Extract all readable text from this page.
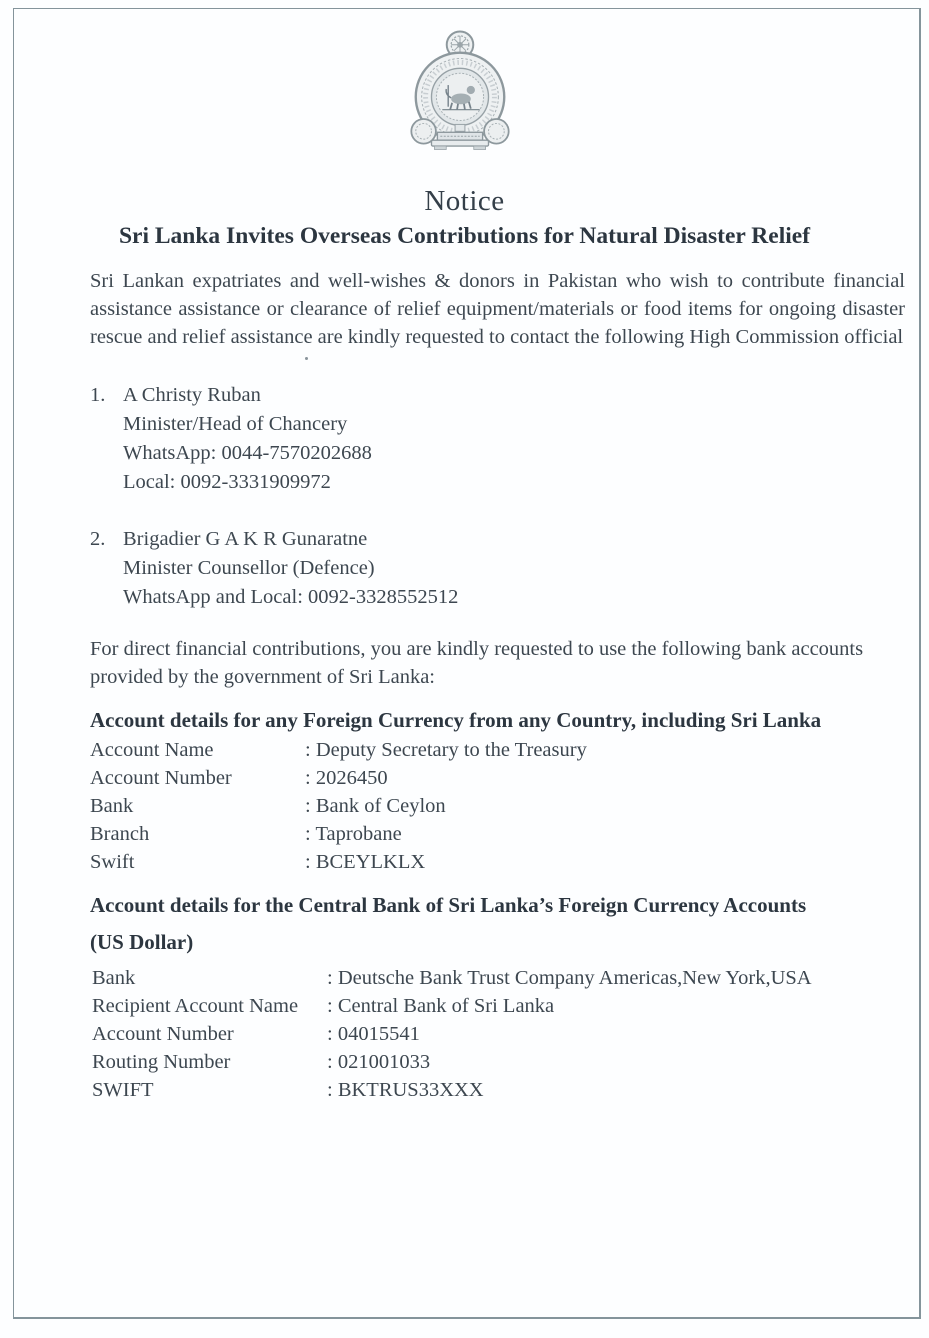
Notice
Sri Lanka Invites Overseas Contributions for Natural Disaster Relief

Sri Lankan expatriates and well-wishes & donors in Pakistan who wish to contribute financial assistance assistance or clearance of relief equipment/materials or food items for ongoing disaster rescue and relief assistance are kindly requested to contact the following High Commission official

1. A Christy Ruban
Minister/Head of Chancery
WhatsApp: 0044-7570202688
Local: 0092-3331909972
2. Brigadier G A K R Gunaratne
Minister Counsellor (Defence)
WhatsApp and Local: 0092-3328552512

For direct financial contributions, you are kindly requested to use the following bank accounts provided by the government of Sri Lanka:

Account details for any Foreign Currency from any Country, including Sri Lanka
Account Name	: Deputy Secretary to the Treasury
Account Number	: 2026450
Bank	: Bank of Ceylon
Branch	: Taprobane
Swift	: BCEYLKLX
Account details for the Central Bank of Sri Lanka’s Foreign Currency Accounts
(US Dollar)
Bank	: Deutsche Bank Trust Company Americas,New York,USA
Recipient Account Name	: Central Bank of Sri Lanka
Account Number	: 04015541
Routing Number	: 021001033
SWIFT	: BKTRUS33XXX
